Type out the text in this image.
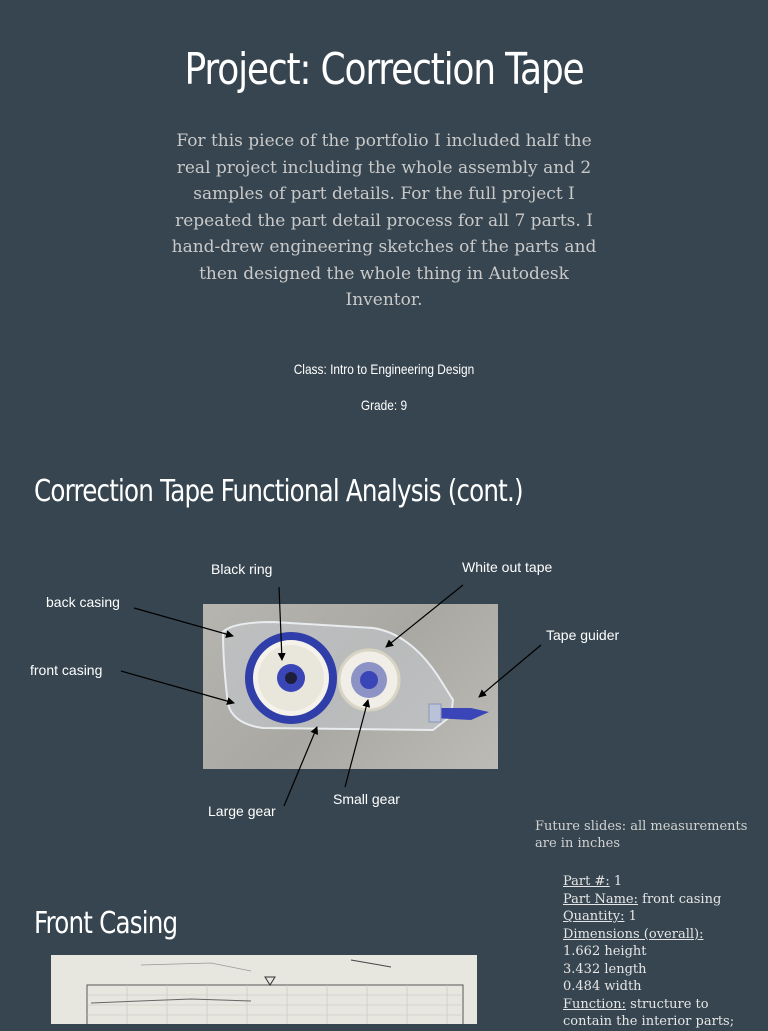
Project: Correction Tape

For this piece of the portfolio I included half the real project including the whole assembly and 2 samples of part details. For the full project I repeated the part detail process for all 7 parts. I hand-drew engineering sketches of the parts and then designed the whole thing in Autodesk Inventor.

Class: Intro to Engineering Design
Grade: 9
Correction Tape Functional Analysis (cont.)
Black ring	White out tape
back casing
Tape guider
front casing
Small gear
Large gear
Future slides: all measurements are in inches
Part #: 1
Part Name: front casing
Quantity: 1
Dimensions (overall):
1.662 height
3.432 length
0.484 width
Function: structure to contain the interior parts;
Front Casing
